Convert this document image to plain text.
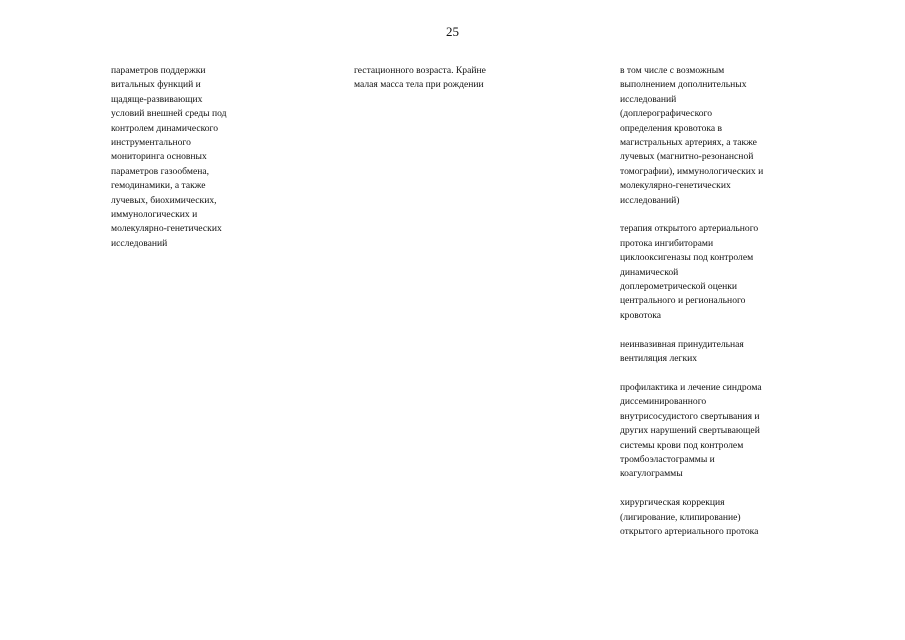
25
параметров поддержки
витальных функций и
щадяще-развивающих
условий внешней среды под
контролем динамического
инструментального
мониторинга основных
параметров газообмена,
гемодинамики, а также
лучевых, биохимических,
иммунологических и
молекулярно-генетических
исследований
гестационного возраста. Крайне
малая масса тела при рождении
в том числе с возможным
выполнением дополнительных
исследований
(доплерографического
определения кровотока в
магистральных артериях, а также
лучевых (магнитно-резонансной
томографии), иммунологических и
молекулярно-генетических
исследований)
терапия открытого артериального
протока ингибиторами
циклооксигеназы под контролем
динамической
доплерометрической оценки
центрального и регионального
кровотока
неинвазивная принудительная
вентиляция легких
профилактика и лечение синдрома
диссеминированного
внутрисосудистого свертывания и
других нарушений свертывающей
системы крови под контролем
тромбоэластограммы и
коагулограммы
хирургическая коррекция
(лигирование, клипирование)
открытого артериального протока
